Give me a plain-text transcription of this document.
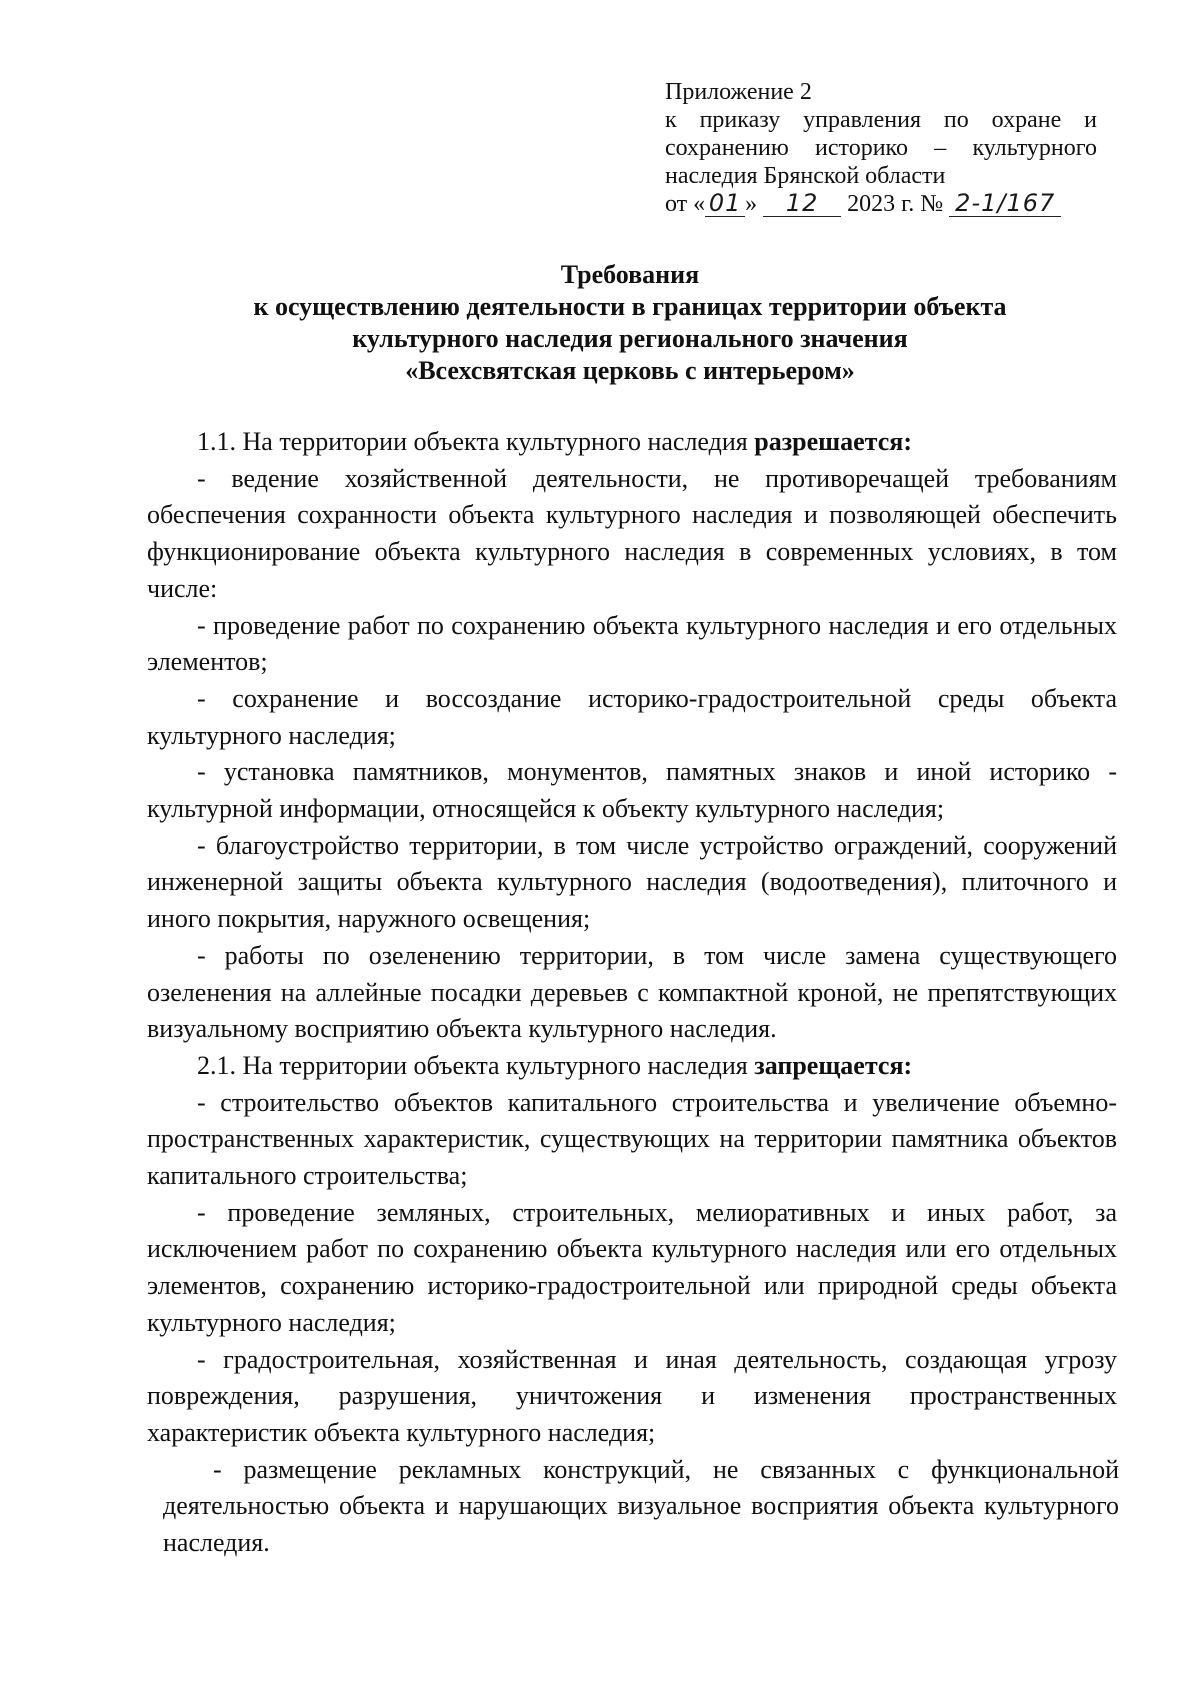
Приложение 2
к приказу управления по охране и
сохранению историко – культурного
наследия Брянской области
от « 01 » 12 2023 г. № 2-1/167
Требования
к осуществлению деятельности в границах территории объекта
культурного наследия регионального значения
«Всехсвятская церковь с интерьером»

1.1. На территории объекта культурного наследия разрешается:

- ведение хозяйственной деятельности, не противоречащей требованиям обеспечения сохранности объекта культурного наследия и позволяющей обеспечить функционирование объекта культурного наследия в современных условиях, в том числе:

- проведение работ по сохранению объекта культурного наследия и его отдельных элементов;

- сохранение и воссоздание историко-градостроительной среды объекта культурного наследия;

- установка памятников, монументов, памятных знаков и иной историко - культурной информации, относящейся к объекту культурного наследия;

- благоустройство территории, в том числе устройство ограждений, сооружений инженерной защиты объекта культурного наследия (водоотведения), плиточного и иного покрытия, наружного освещения;

- работы по озеленению территории, в том числе замена существующего озеленения на аллейные посадки деревьев с компактной кроной, не препятствующих визуальному восприятию объекта культурного наследия.

2.1. На территории объекта культурного наследия запрещается:

- строительство объектов капитального строительства и увеличение объемно-пространственных характеристик, существующих на территории памятника объектов капитального строительства;

- проведение земляных, строительных, мелиоративных и иных работ, за исключением работ по сохранению объекта культурного наследия или его отдельных элементов, сохранению историко-градостроительной или природной среды объекта культурного наследия;

- градостроительная, хозяйственная и иная деятельность, создающая угрозу повреждения, разрушения, уничтожения и изменения пространственных характеристик объекта культурного наследия;

- размещение рекламных конструкций, не связанных с функциональной деятельностью объекта и нарушающих визуальное восприятия объекта культурного наследия.
